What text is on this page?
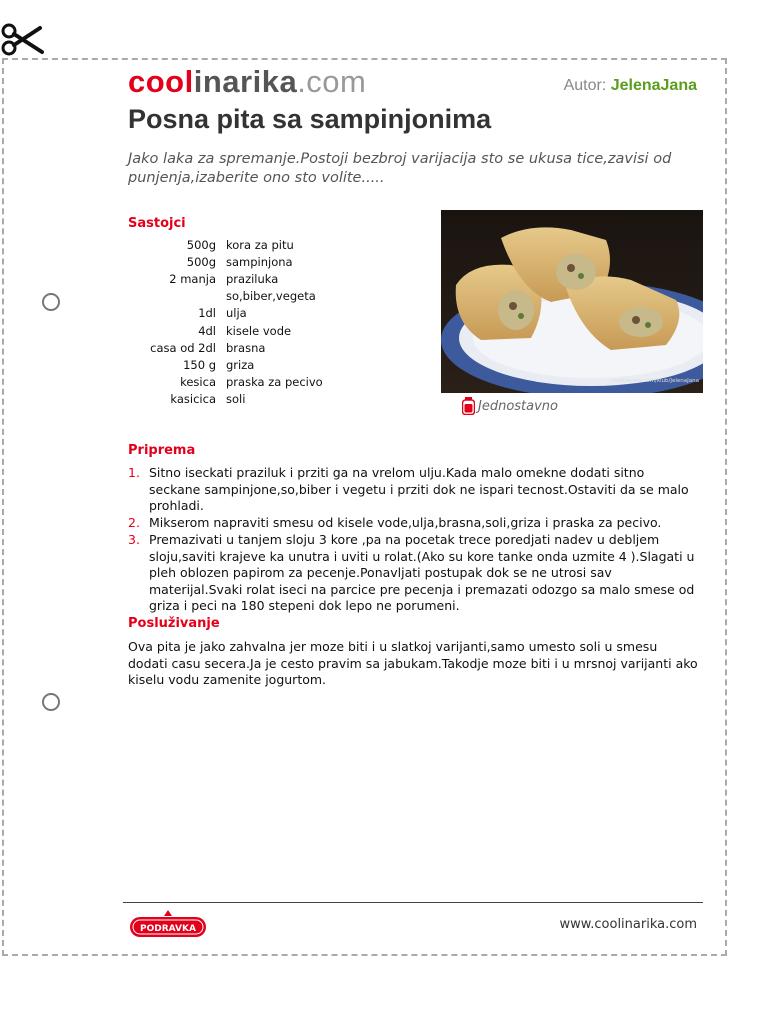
coolinarika.com	Autor: JelenaJana
Posna pita sa sampinjonima

Jako laka za spremanje.Postoji bezbroj varijacija sto se ukusa tice,zavisi od punjenja,izaberite ono sto volite.....

Sastojci
500g	kora za pitu
500g	sampinjona
2 manja	praziluka
	so,biber,vegeta
1dl	ulja
4dl	kisele vode
casa od 2dl	brasna
150 g	griza
kesica	praska za pecivo
kasicica	soli
coolinarika.com/klub/JelenaJana
Jednostavno
Priprema
1. Sitno iseckati praziluk i prziti ga na vrelom ulju.Kada malo omekne dodati sitno seckane sampinjone,so,biber i vegetu i prziti dok ne ispari tecnost.Ostaviti da se malo prohladi.
2. Mikserom napraviti smesu od kisele vode,ulja,brasna,soli,griza i praska za pecivo.
3. Premazivati u tanjem sloju 3 kore ,pa na pocetak trece poredjati nadev u debljem sloju,saviti krajeve ka unutra i uviti u rolat.(Ako su kore tanke onda uzmite 4 ).Slagati u pleh oblozen papirom za pecenje.Ponavljati postupak dok se ne utrosi sav materijal.Svaki rolat iseci na parcice pre pecenja i premazati odozgo sa malo smese od griza i peci na 180 stepeni dok lepo ne porumeni.
Posluživanje

Ova pita je jako zahvalna jer moze biti i u slatkoj varijanti,samo umesto soli u smesu dodati casu secera.Ja je cesto pravim sa jabukam.Takodje moze biti i u mrsnoj varijanti ako kiselu vodu zamenite jogurtom.

PODRAVKA	www.coolinarika.com
